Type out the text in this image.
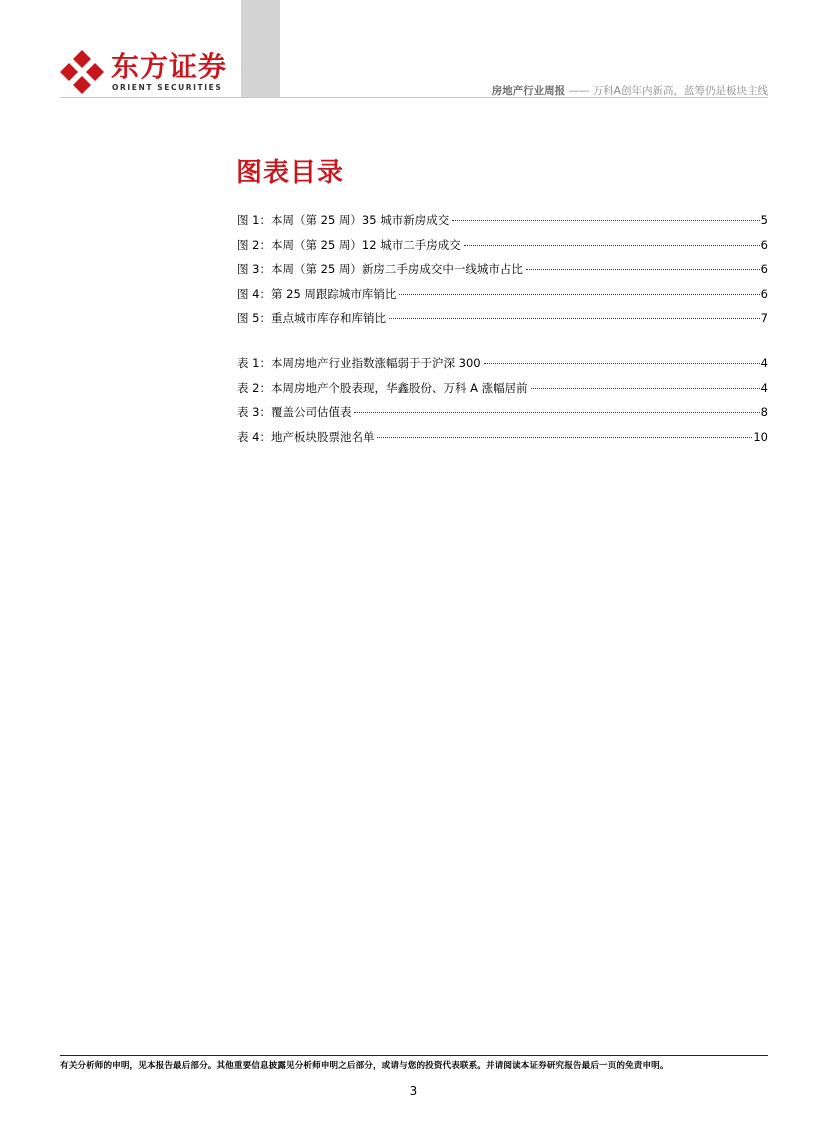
东方证券
ORIENT SECURITIES	房地产行业周报 —— 万科A创年内新高，蓝筹仍是板块主线
图表目录
图 1：本周（第 25 周）35 城市新房成交	5
图 2：本周（第 25 周）12 城市二手房成交	6
图 3：本周（第 25 周）新房二手房成交中一线城市占比	6
图 4：第 25 周跟踪城市库销比	6
图 5：重点城市库存和库销比	7
表 1：本周房地产行业指数涨幅弱于于沪深 300	4
表 2：本周房地产个股表现，华鑫股份、万科 A 涨幅居前	4
表 3：覆盖公司估值表	8
表 4：地产板块股票池名单	10
有关分析师的申明，见本报告最后部分。其他重要信息披露见分析师申明之后部分，或请与您的投资代表联系。并请阅读本证券研究报告最后一页的免责申明。
3
